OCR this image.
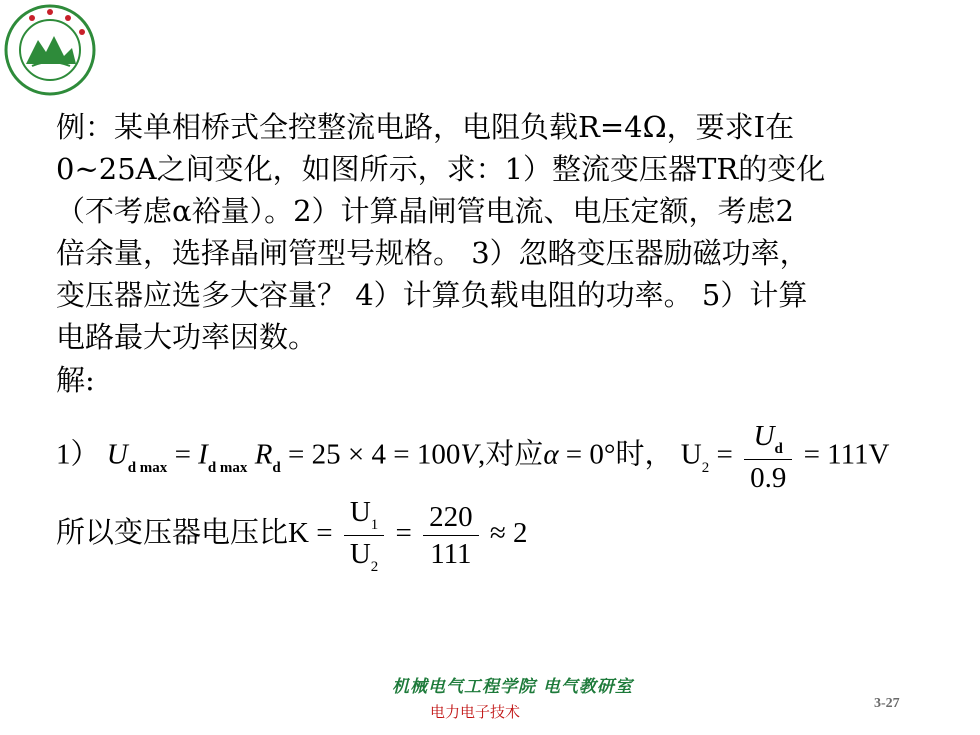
例：某单相桥式全控整流电路，电阻负载R=4Ω，要求I在

0~25A之间变化，如图所示，求：1）整流变压器TR的变化

（不考虑α裕量）。2）计算晶闸管电流、电压定额，考虑2

倍余量，选择晶闸管型号规格。 3）忽略变压器励磁功率，

变压器应选多大容量？ 4）计算负载电阻的功率。 5）计算

电路最大功率因数。

解:
1） $U_{d max} = I_{d max}$ $R_d = 25 \times 4 = 100V$,对应α = 0°时， $U_2 = \frac{U_d}{0.9} = 111V$
所以变压器电压比$K = \frac{U_1}{U_2} = \frac{220}{111} \approx 2$
机械电气工程学院 电气教研室
电力电子技术	3-27
